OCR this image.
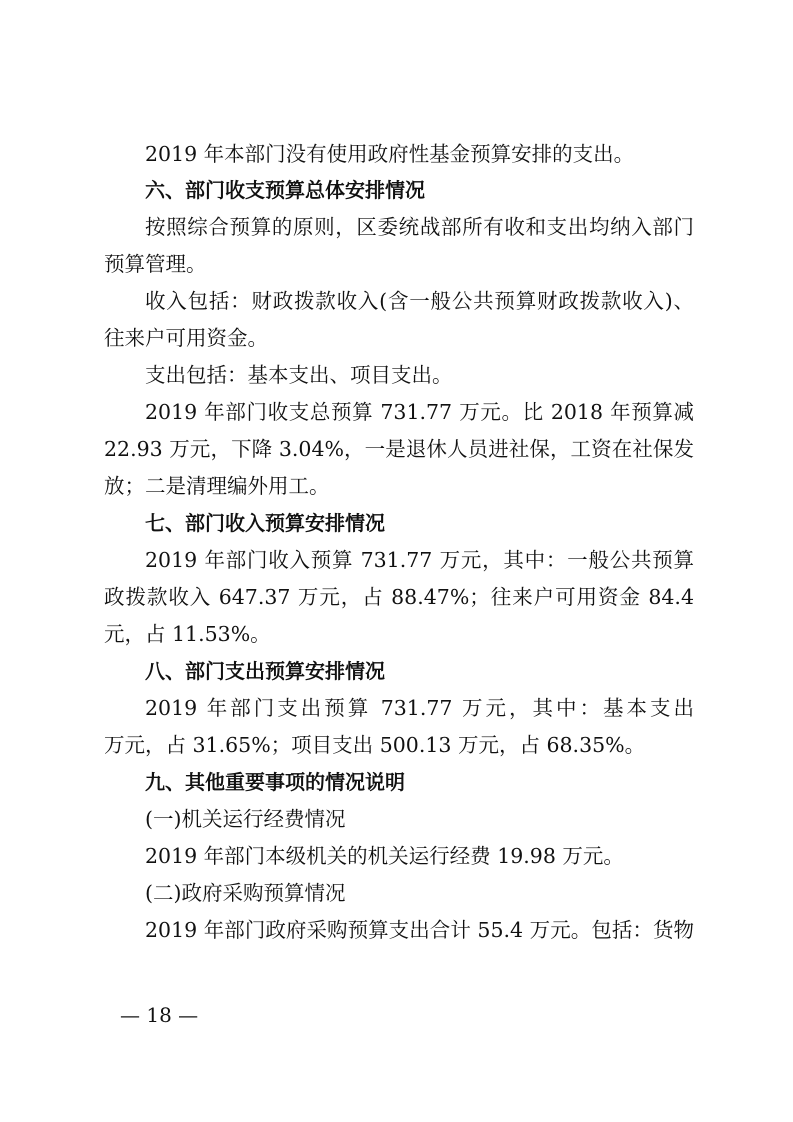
2019 年本部门没有使用政府性基金预算安排的支出。
六、部门收支预算总体安排情况
按照综合预算的原则，区委统战部所有收和支出均纳入部门
预算管理。
收入包括：财政拨款收入(含一般公共预算财政拨款收入)、
往来户可用资金。
支出包括：基本支出、项目支出。
2019 年部门收支总预算 731.77 万元。比 2018 年预算减
22.93 万元，下降 3.04%，一是退休人员进社保，工资在社保发
放；二是清理编外用工。
七、部门收入预算安排情况
2019 年部门收入预算 731.77 万元，其中：一般公共预算
政拨款收入 647.37 万元，占 88.47%；往来户可用资金 84.4
元，占 11.53%。
八、部门支出预算安排情况
2019 年部门支出预算 731.77 万元，其中：基本支出
万元，占 31.65%；项目支出 500.13 万元，占 68.35%。
九、其他重要事项的情况说明
(一)机关运行经费情况
2019 年部门本级机关的机关运行经费 19.98 万元。
(二)政府采购预算情况
2019 年部门政府采购预算支出合计 55.4 万元。包括：货物
— 18 —
